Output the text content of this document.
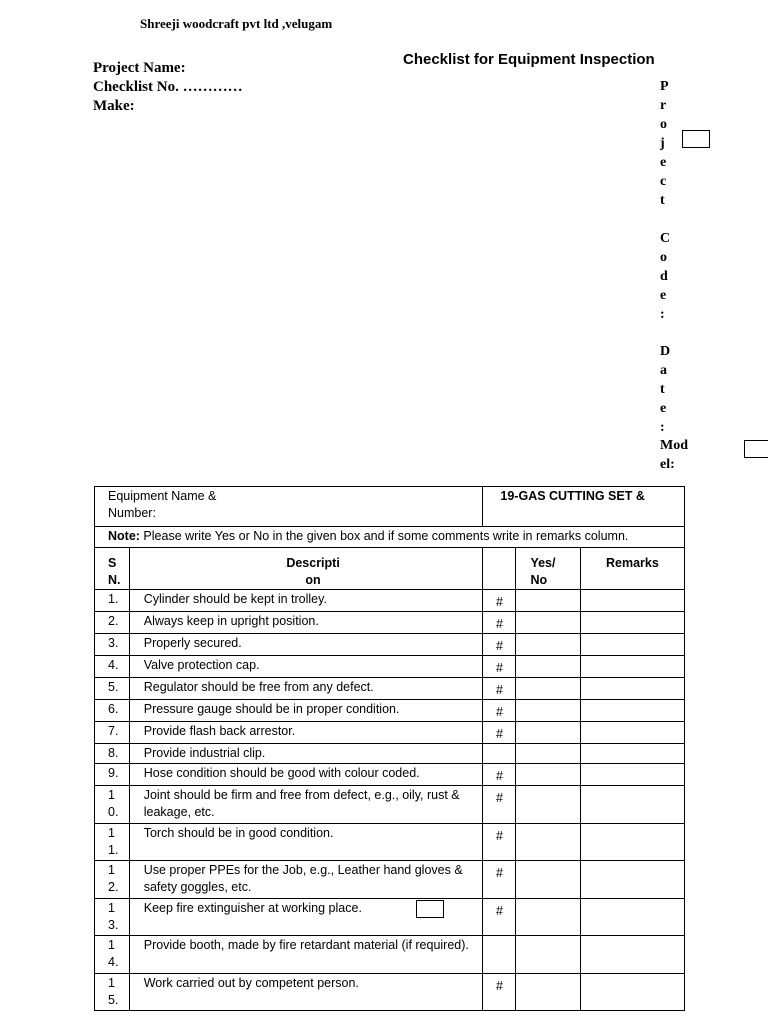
Shreeji woodcraft pvt ltd ,velugam
Checklist for Equipment Inspection
Project Name:
Checklist No. …………
Make:
P
r
o
j
e
c
t

C
o
d
e
:
D
a
t
e
:
Mod
el:
Equipment Name & Number:		19-GAS CUTTING SET &		
Note: Please write Yes or No in the given box and if some comments write in remarks column.				

S N.	Descripti on		Yes/ No	Remarks

1.	Cylinder should be kept in trolley.	#		

2.	Always keep in upright position.	#		

3.	Properly secured.	#		

4.	Valve protection cap.	#		

5.	Regulator should be free from any defect.	#		

6.	Pressure gauge should be in proper condition.	#		

7.	Provide flash back arrestor.	#		

8.	Provide industrial clip.			

9.	Hose condition should be good with colour coded.	#		

1 0.	Joint should be firm and free from defect, e.g., oily, rust & leakage, etc.	#		

1 1.	Torch should be in good condition.	#		

1 2.	Use proper PPEs for the Job, e.g., Leather hand gloves & safety goggles, etc.	#		

1 3.	Keep fire extinguisher at working place.	#		

1 4.	Provide booth, made by fire retardant material (if required).			

1 5.	Work carried out by competent person.	#		
